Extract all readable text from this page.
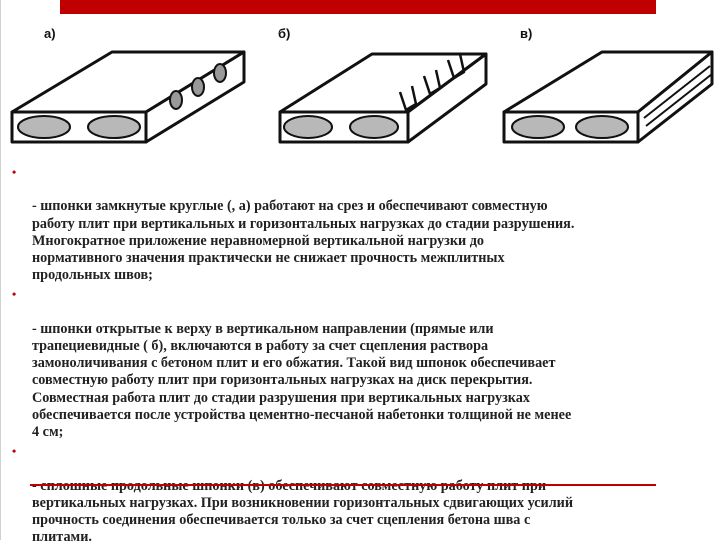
а)	б)	в)

•

- шпонки замкнутые круглые (, а) работают на срез и обеспечивают совместную
работу плит при вертикальных и горизонтальных нагрузках до стадии разрушения.
Многократное приложение неравномерной вертикальной нагрузки до
нормативного значения практически не снижает прочность межплитных
продольных швов;

•

- шпонки открытые к верху в вертикальном направлении (прямые или
трапециевидные ( б), включаются в работу за счет сцепления раствора
замоноличивания с бетоном плит и его обжатия. Такой вид шпонок обеспечивает
совместную работу плит при горизонтальных нагрузках на диск перекрытия.
Совместная работа плит до стадии разрушения при вертикальных нагрузках
обеспечивается после устройства цементно-песчаной набетонки толщиной не менее
4 см;

•

вертикальных нагрузках. При возникновении горизонтальных сдвигающих усилий
прочность соединения обеспечивается только за счет сцепления бетона шва с
плитами.
